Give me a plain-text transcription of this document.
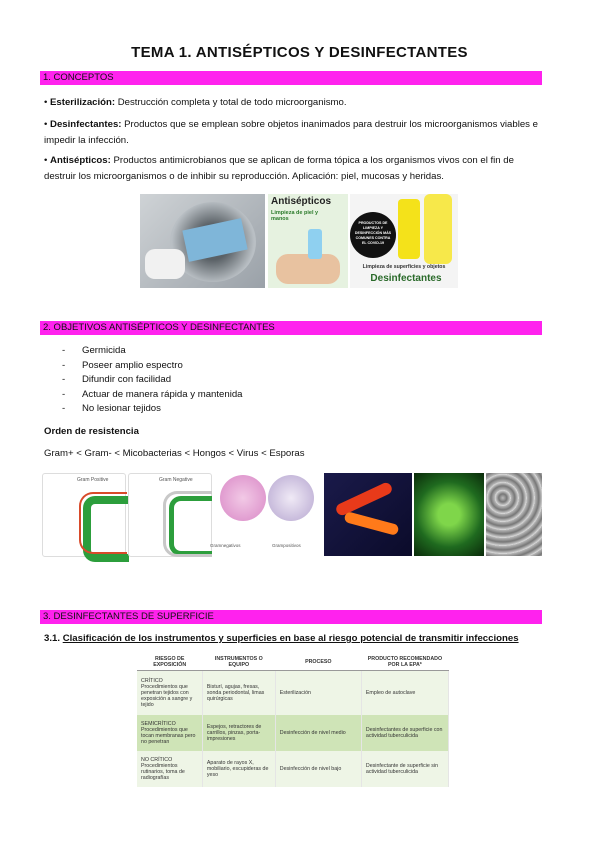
TEMA 1. ANTISÉPTICOS Y DESINFECTANTES
1. CONCEPTOS
• Esterilización: Destrucción completa y total de todo microorganismo.
• Desinfectantes: Productos que se emplean sobre objetos inanimados para destruir los microorganismos viables e impedir la infección.
• Antisépticos: Productos antimicrobianos que se aplican de forma tópica a los organismos vivos con el fin de destruir los microorganismos o de inhibir su reproducción. Aplicación: piel, mucosas y heridas.
Antisépticos
Limpieza de piel y manos
PRODUCTOS DE LIMPIEZA Y DESINFECCIÓN MÁS COMUNES CONTRA EL COVID-19
Limpieza de superficies y objetos
Desinfectantes
2. OBJETIVOS ANTISÉPTICOS Y DESINFECTANTES
- Germicida
- Poseer amplio espectro
- Difundir con facilidad
- Actuar de manera rápida y mantenida
- No lesionar tejidos
Orden de resistencia
Gram+ < Gram- < Micobacterias < Hongos < Virus < Esporas
Gram Positive	Gram Negative
Gramnegativos	Grampositivos
3. DESINFECTANTES DE SUPERFICIE
3.1. Clasificación de los instrumentos y superficies en base al riesgo potencial de transmitir infecciones
RIESGO DE EXPOSICIÓN	INSTRUMENTOS O EQUIPO	PROCESO	PRODUCTO RECOMENDADO POR LA EPA*
CRÍTICO Procedimientos que penetran tejidos con exposición a sangre y tejido	Bisturí, agujas, fresas, sonda periodontal, limas quirúrgicas	Esterilización	Empleo de autoclave
SEMICRÍTICO Procedimientos que tocan membranas pero no penetran	Espejos, retractores de carrillos, pinzas, porta-impresiones	Desinfección de nivel medio	Desinfectantes de superficie con actividad tuberculicida
NO CRÍTICO Procedimientos rutinarios, toma de radiografías	Aparato de rayos X, mobiliario, escupideras de yeso	Desinfección de nivel bajo	Desinfectante de superficie sin actividad tuberculicida
